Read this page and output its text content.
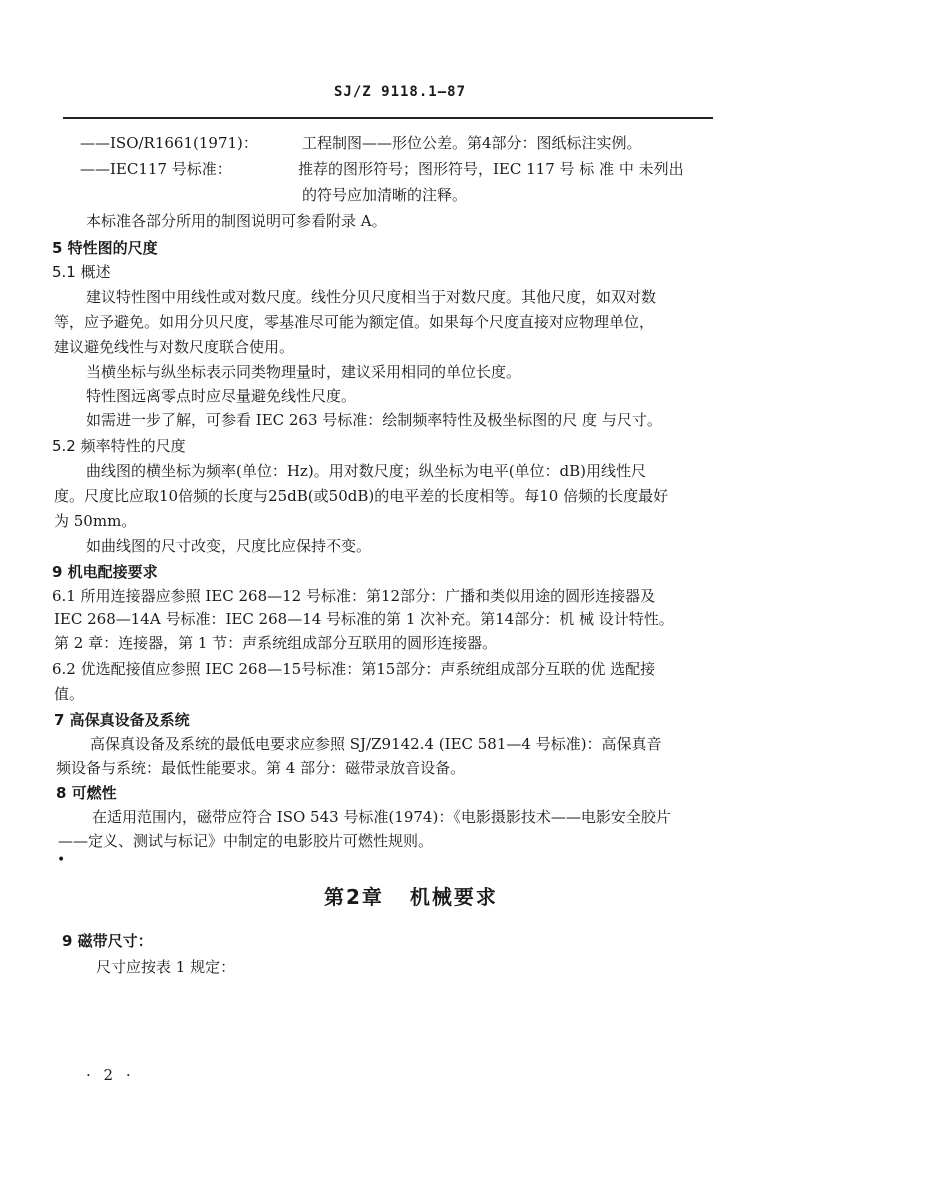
SJ/Z 9118.1—87
——ISO/R1661(1971)：	工程制图——形位公差。第4部分：图纸标注实例。
——IEC117 号标准：	推荐的图形符号；图形符号，IEC 117 号 标 准 中 未列出
的符号应加清晰的注释。
本标准各部分所用的制图说明可参看附录 A。
5 特性图的尺度
5.1 概述
建议特性图中用线性或对数尺度。线性分贝尺度相当于对数尺度。其他尺度，如双对数
等，应予避免。如用分贝尺度，零基准尽可能为额定值。如果每个尺度直接对应物理单位，
建议避免线性与对数尺度联合使用。
当横坐标与纵坐标表示同类物理量时，建议采用相同的单位长度。
特性图远离零点时应尽量避免线性尺度。
如需进一步了解，可参看 IEC 263 号标准：绘制频率特性及极坐标图的尺 度 与尺寸。
5.2 频率特性的尺度
曲线图的横坐标为频率(单位：Hz)。用对数尺度；纵坐标为电平(单位：dB)用线性尺
度。尺度比应取10倍频的长度与25dB(或50dB)的电平差的长度相等。每10 倍频的长度最好
为 50mm。
如曲线图的尺寸改变，尺度比应保持不变。
9 机电配接要求
6.1 所用连接器应参照 IEC 268—12 号标准：第12部分：广播和类似用途的圆形连接器及
IEC 268—14A 号标准：IEC 268—14 号标准的第 1 次补充。第14部分：机 械 设计特性。
第 2 章：连接器，第 1 节：声系统组成部分互联用的圆形连接器。
6.2 优选配接值应参照 IEC 268—15号标准：第15部分：声系统组成部分互联的优 选配接
值。
7 高保真设备及系统
高保真设备及系统的最低电要求应参照 SJ/Z9142.4 (IEC 581—4 号标准)：高保真音
频设备与系统：最低性能要求。第 4 部分：磁带录放音设备。
8 可燃性
在适用范围内，磁带应符合 ISO 543 号标准(1974)：《电影摄影技术——电影安全胶片
——定义、测试与标记》中制定的电影胶片可燃性规则。
•
第2章 机械要求
9 磁带尺寸：
尺寸应按表 1 规定：
· 2 ·
